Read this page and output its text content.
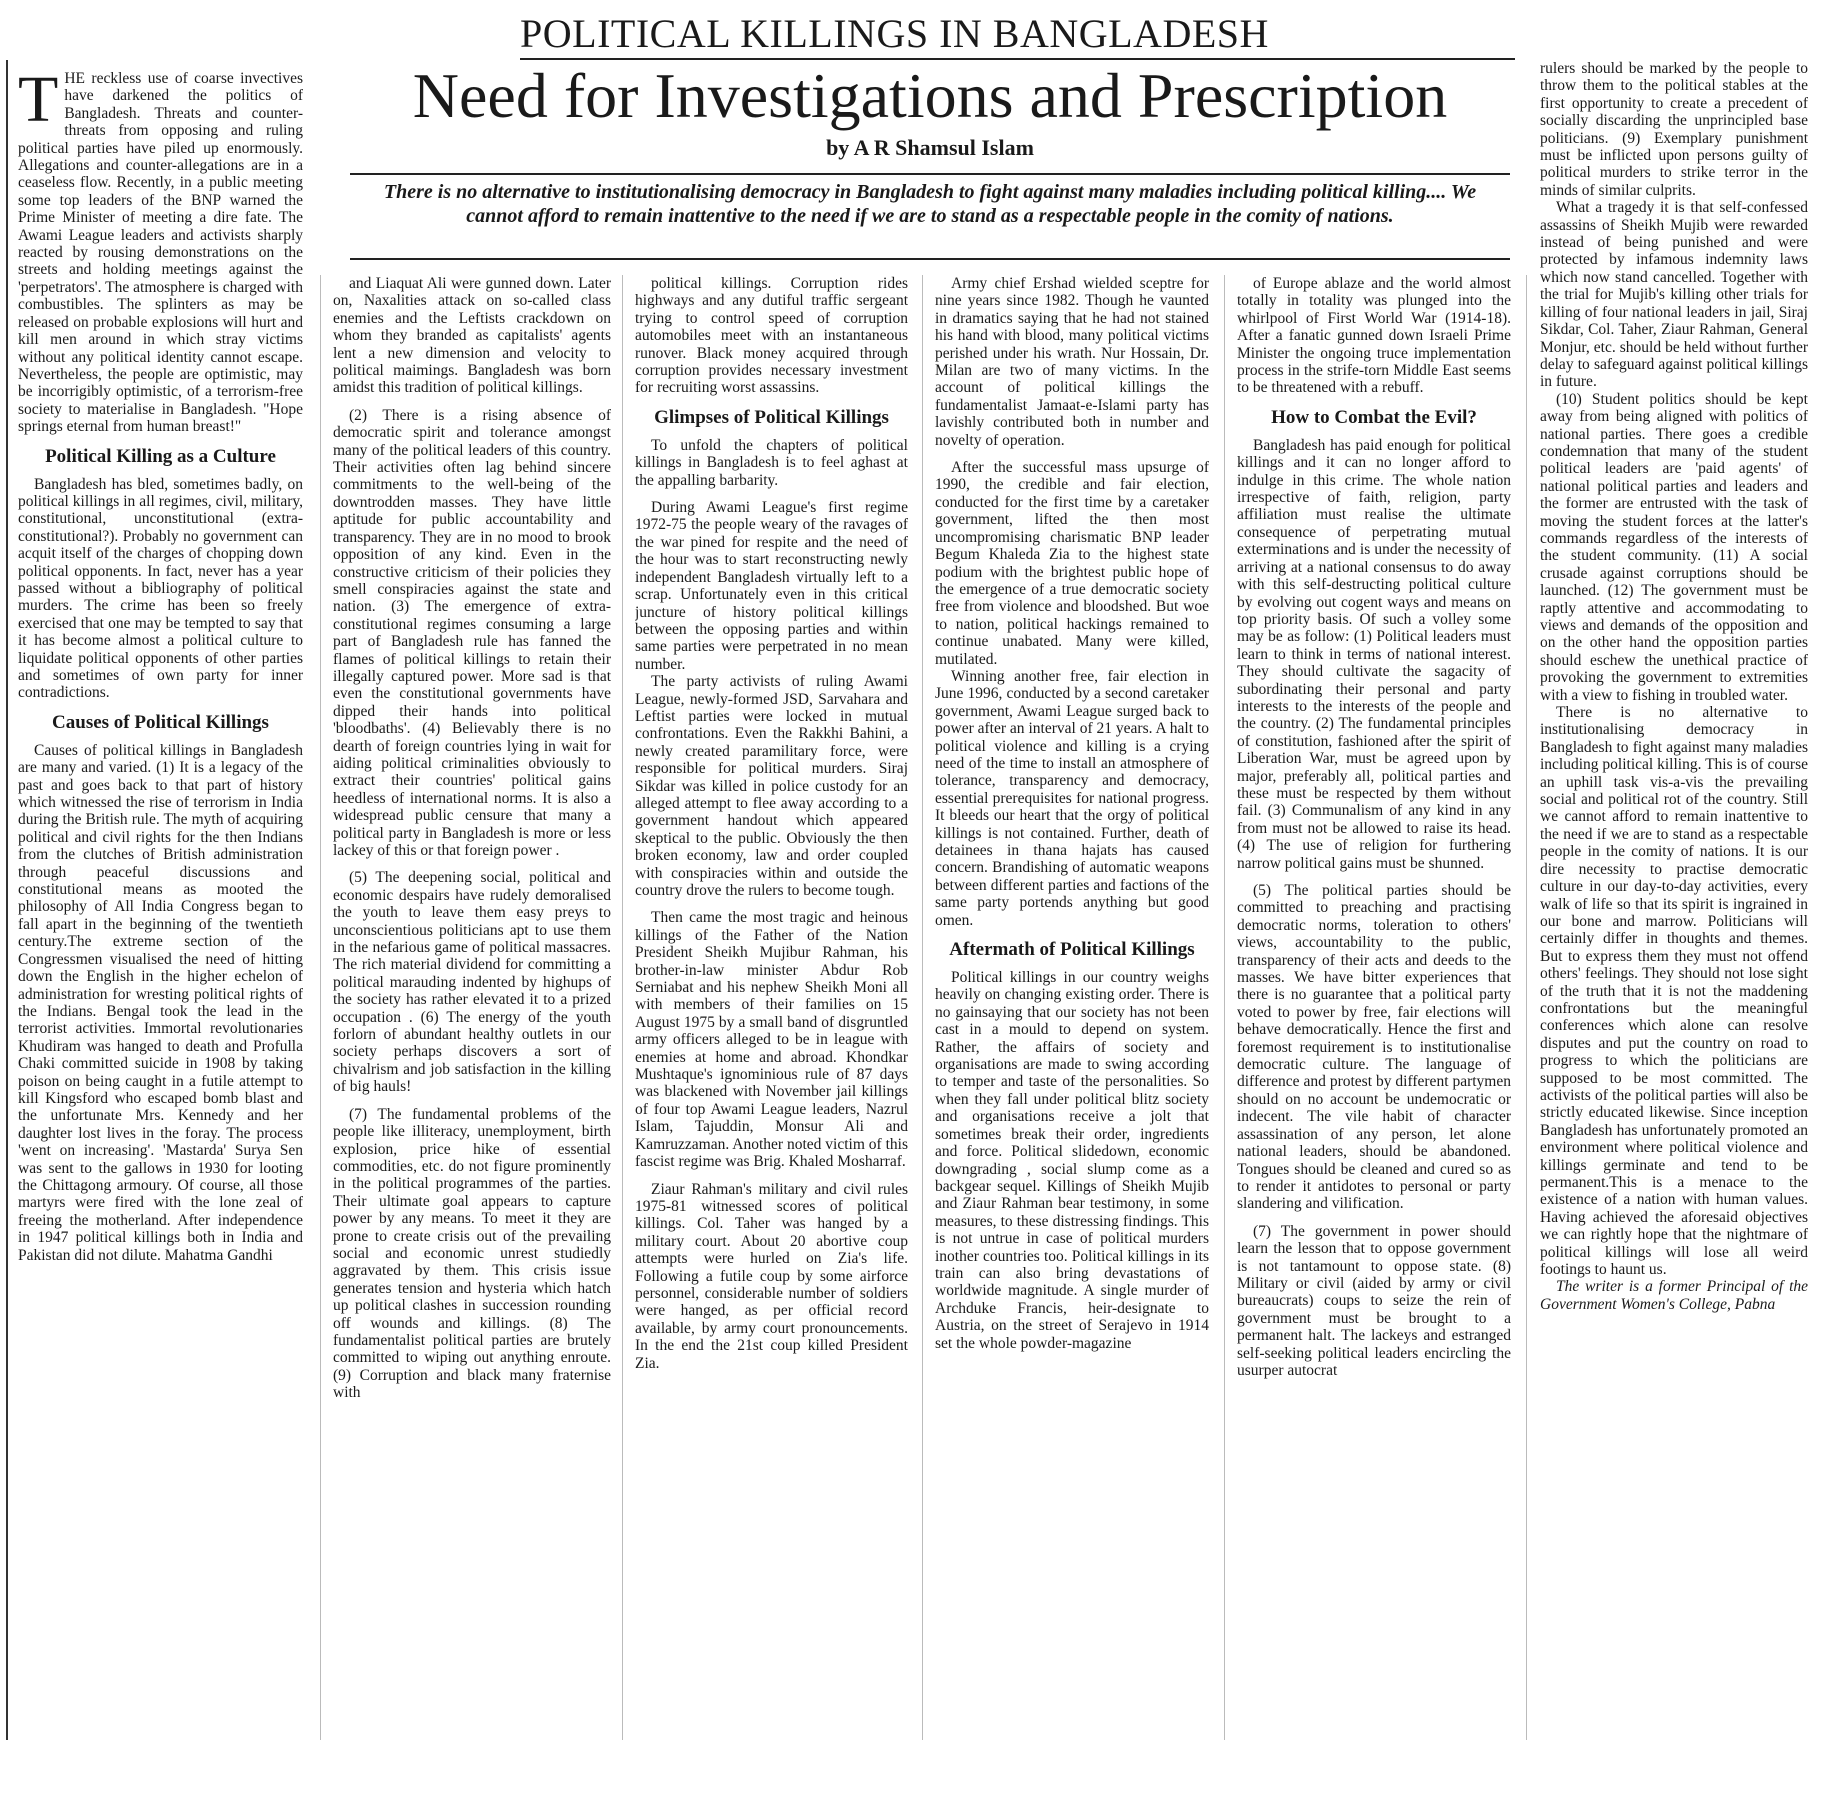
POLITICAL KILLINGS IN BANGLADESH
Need for Investigations and Prescription
by A R Shamsul Islam
There is no alternative to institutionalising democracy in Bangladesh to fight against many maladies including political killing.... We cannot afford to remain inattentive to the need if we are to stand as a respectable people in the comity of nations.

THE reckless use of coarse invectives have darkened the politics of Bangladesh. Threats and counter-threats from opposing and ruling political parties have piled up enormously. Allegations and counter-allegations are in a ceaseless flow. Recently, in a public meeting some top leaders of the BNP warned the Prime Minister of meeting a dire fate. The Awami League leaders and activists sharply reacted by rousing demonstrations on the streets and holding meetings against the 'perpetrators'. The atmosphere is charged with combustibles. The splinters as may be released on probable explosions will hurt and kill men around in which stray victims without any political identity cannot escape. Nevertheless, the people are optimistic, may be incorrigibly optimistic, of a terrorism-free society to materialise in Bangladesh. "Hope springs eternal from human breast!"

Political Killing as a Culture

Bangladesh has bled, sometimes badly, on political killings in all regimes, civil, military, constitutional, unconstitutional (extra-constitutional?). Probably no government can acquit itself of the charges of chopping down political opponents. In fact, never has a year passed without a bibliography of political murders. The crime has been so freely exercised that one may be tempted to say that it has become almost a political culture to liquidate political opponents of other parties and sometimes of own party for inner contradictions.

Causes of Political Killings

Causes of political killings in Bangladesh are many and varied. (1) It is a legacy of the past and goes back to that part of history which witnessed the rise of terrorism in India during the British rule. The myth of acquiring political and civil rights for the then Indians from the clutches of British administration through peaceful discussions and constitutional means as mooted the philosophy of All India Congress began to fall apart in the beginning of the twentieth century.The extreme section of the Congressmen visualised the need of hitting down the English in the higher echelon of administration for wresting political rights of the Indians. Bengal took the lead in the terrorist activities. Immortal revolutionaries Khudiram was hanged to death and Profulla Chaki committed suicide in 1908 by taking poison on being caught in a futile attempt to kill Kingsford who escaped bomb blast and the unfortunate Mrs. Kennedy and her daughter lost lives in the foray. The process 'went on increasing'. 'Mastarda' Surya Sen was sent to the gallows in 1930 for looting the Chittagong armoury. Of course, all those martyrs were fired with the lone zeal of freeing the motherland. After independence in 1947 political killings both in India and Pakistan did not dilute. Mahatma Gandhi

and Liaquat Ali were gunned down. Later on, Naxalities attack on so-called class enemies and the Leftists crackdown on whom they branded as capitalists' agents lent a new dimension and velocity to political maimings. Bangladesh was born amidst this tradition of political killings.

(2) There is a rising absence of democratic spirit and tolerance amongst many of the political leaders of this country. Their activities often lag behind sincere commitments to the well-being of the downtrodden masses. They have little aptitude for public accountability and transparency. They are in no mood to brook opposition of any kind. Even in the constructive criticism of their policies they smell conspiracies against the state and nation. (3) The emergence of extra-constitutional regimes consuming a large part of Bangladesh rule has fanned the flames of political killings to retain their illegally captured power. More sad is that even the constitutional governments have dipped their hands into political 'bloodbaths'. (4) Believably there is no dearth of foreign countries lying in wait for aiding political criminalities obviously to extract their countries' political gains heedless of international norms. It is also a widespread public censure that many a political party in Bangladesh is more or less lackey of this or that foreign power .

(5) The deepening social, political and economic despairs have rudely demoralised the youth to leave them easy preys to unconscientious politicians apt to use them in the nefarious game of political massacres. The rich material dividend for committing a political marauding indented by highups of the society has rather elevated it to a prized occupation . (6) The energy of the youth forlorn of abundant healthy outlets in our society perhaps discovers a sort of chivalrism and job satisfaction in the killing of big hauls!

(7) The fundamental problems of the people like illiteracy, unemployment, birth explosion, price hike of essential commodities, etc. do not figure prominently in the political programmes of the parties. Their ultimate goal appears to capture power by any means. To meet it they are prone to create crisis out of the prevailing social and economic unrest studiedly aggravated by them. This crisis issue generates tension and hysteria which hatch up political clashes in succession rounding off wounds and killings. (8) The fundamentalist political parties are brutely committed to wiping out anything enroute. (9) Corruption and black many fraternise with

political killings. Corruption rides highways and any dutiful traffic sergeant trying to control speed of corruption automobiles meet with an instantaneous runover. Black money acquired through corruption provides necessary investment for recruiting worst assassins.

Glimpses of Political Killings

To unfold the chapters of political killings in Bangladesh is to feel aghast at the appalling barbarity.

During Awami League's first regime 1972-75 the people weary of the ravages of the war pined for respite and the need of the hour was to start reconstructing newly independent Bangladesh virtually left to a scrap. Unfortunately even in this critical juncture of history political killings between the opposing parties and within same parties were perpetrated in no mean number.

The party activists of ruling Awami League, newly-formed JSD, Sarvahara and Leftist parties were locked in mutual confrontations. Even the Rakkhi Bahini, a newly created paramilitary force, were responsible for political murders. Siraj Sikdar was killed in police custody for an alleged attempt to flee away according to a government handout which appeared skeptical to the public. Obviously the then broken economy, law and order coupled with conspiracies within and outside the country drove the rulers to become tough.

Then came the most tragic and heinous killings of the Father of the Nation President Sheikh Mujibur Rahman, his brother-in-law minister Abdur Rob Serniabat and his nephew Sheikh Moni all with members of their families on 15 August 1975 by a small band of disgruntled army officers alleged to be in league with enemies at home and abroad. Khondkar Mushtaque's ignominious rule of 87 days was blackened with November jail killings of four top Awami League leaders, Nazrul Islam, Tajuddin, Monsur Ali and Kamruzzaman. Another noted victim of this fascist regime was Brig. Khaled Mosharraf.

Ziaur Rahman's military and civil rules 1975-81 witnessed scores of political killings. Col. Taher was hanged by a military court. About 20 abortive coup attempts were hurled on Zia's life. Following a futile coup by some airforce personnel, considerable number of soldiers were hanged, as per official record available, by army court pronouncements. In the end the 21st coup killed President Zia.

Army chief Ershad wielded sceptre for nine years since 1982. Though he vaunted in dramatics saying that he had not stained his hand with blood, many political victims perished under his wrath. Nur Hossain, Dr. Milan are two of many victims. In the account of political killings the fundamentalist Jamaat-e-Islami party has lavishly contributed both in number and novelty of operation.

After the successful mass upsurge of 1990, the credible and fair election, conducted for the first time by a caretaker government, lifted the then most uncompromising charismatic BNP leader Begum Khaleda Zia to the highest state podium with the brightest public hope of the emergence of a true democratic society free from violence and bloodshed. But woe to nation, political hackings remained to continue unabated. Many were killed, mutilated.

Winning another free, fair election in June 1996, conducted by a second caretaker government, Awami League surged back to power after an interval of 21 years. A halt to political violence and killing is a crying need of the time to install an atmosphere of tolerance, transparency and democracy, essential prerequisites for national progress. It bleeds our heart that the orgy of political killings is not contained. Further, death of detainees in thana hajats has caused concern. Brandishing of automatic weapons between different parties and factions of the same party portends anything but good omen.

Aftermath of Political Killings

Political killings in our country weighs heavily on changing existing order. There is no gainsaying that our society has not been cast in a mould to depend on system. Rather, the affairs of society and organisations are made to swing according to temper and taste of the personalities. So when they fall under political blitz society and organisations receive a jolt that sometimes break their order, ingredients and force. Political slidedown, economic downgrading , social slump come as a backgear sequel. Killings of Sheikh Mujib and Ziaur Rahman bear testimony, in some measures, to these distressing findings. This is not untrue in case of political murders inother countries too. Political killings in its train can also bring devastations of worldwide magnitude. A single murder of Archduke Francis, heir-designate to Austria, on the street of Serajevo in 1914 set the whole powder-magazine

of Europe ablaze and the world almost totally in totality was plunged into the whirlpool of First World War (1914-18). After a fanatic gunned down Israeli Prime Minister the ongoing truce implementation process in the strife-torn Middle East seems to be threatened with a rebuff.

How to Combat the Evil?

Bangladesh has paid enough for political killings and it can no longer afford to indulge in this crime. The whole nation irrespective of faith, religion, party affiliation must realise the ultimate consequence of perpetrating mutual exterminations and is under the necessity of arriving at a national consensus to do away with this self-destructing political culture by evolving out cogent ways and means on top priority basis. Of such a volley some may be as follow: (1) Political leaders must learn to think in terms of national interest. They should cultivate the sagacity of subordinating their personal and party interests to the interests of the people and the country. (2) The fundamental principles of constitution, fashioned after the spirit of Liberation War, must be agreed upon by major, preferably all, political parties and these must be respected by them without fail. (3) Communalism of any kind in any from must not be allowed to raise its head. (4) The use of religion for furthering narrow political gains must be shunned.

(5) The political parties should be committed to preaching and practising democratic norms, toleration to others' views, accountability to the public, transparency of their acts and deeds to the masses. We have bitter experiences that there is no guarantee that a political party voted to power by free, fair elections will behave democratically. Hence the first and foremost requirement is to institutionalise democratic culture. The language of difference and protest by different partymen should on no account be undemocratic or indecent. The vile habit of character assassination of any person, let alone national leaders, should be abandoned. Tongues should be cleaned and cured so as to render it antidotes to personal or party slandering and vilification.

(7) The government in power should learn the lesson that to oppose government is not tantamount to oppose state. (8) Military or civil (aided by army or civil bureaucrats) coups to seize the rein of government must be brought to a permanent halt. The lackeys and estranged self-seeking political leaders encircling the usurper autocrat

rulers should be marked by the people to throw them to the political stables at the first opportunity to create a precedent of socially discarding the unprincipled base politicians. (9) Exemplary punishment must be inflicted upon persons guilty of political murders to strike terror in the minds of similar culprits.

What a tragedy it is that self-confessed assassins of Sheikh Mujib were rewarded instead of being punished and were protected by infamous indemnity laws which now stand cancelled. Together with the trial for Mujib's killing other trials for killing of four national leaders in jail, Siraj Sikdar, Col. Taher, Ziaur Rahman, General Monjur, etc. should be held without further delay to safeguard against political killings in future.

(10) Student politics should be kept away from being aligned with politics of national parties. There goes a credible condemnation that many of the student political leaders are 'paid agents' of national political parties and leaders and the former are entrusted with the task of moving the student forces at the latter's commands regardless of the interests of the student community. (11) A social crusade against corruptions should be launched. (12) The government must be raptly attentive and accommodating to views and demands of the opposition and on the other hand the opposition parties should eschew the unethical practice of provoking the government to extremities with a view to fishing in troubled water.

There is no alternative to institutionalising democracy in Bangladesh to fight against many maladies including political killing. This is of course an uphill task vis-a-vis the prevailing social and political rot of the country. Still we cannot afford to remain inattentive to the need if we are to stand as a respectable people in the comity of nations. It is our dire necessity to practise democratic culture in our day-to-day activities, every walk of life so that its spirit is ingrained in our bone and marrow. Politicians will certainly differ in thoughts and themes. But to express them they must not offend others' feelings. They should not lose sight of the truth that it is not the maddening confrontations but the meaningful conferences which alone can resolve disputes and put the country on road to progress to which the politicians are supposed to be most committed. The activists of the political parties will also be strictly educated likewise. Since inception Bangladesh has unfortunately promoted an environment where political violence and killings germinate and tend to be permanent.This is a menace to the existence of a nation with human values. Having achieved the aforesaid objectives we can rightly hope that the nightmare of political killings will lose all weird footings to haunt us.

The writer is a former Principal of the Government Women's College, Pabna
